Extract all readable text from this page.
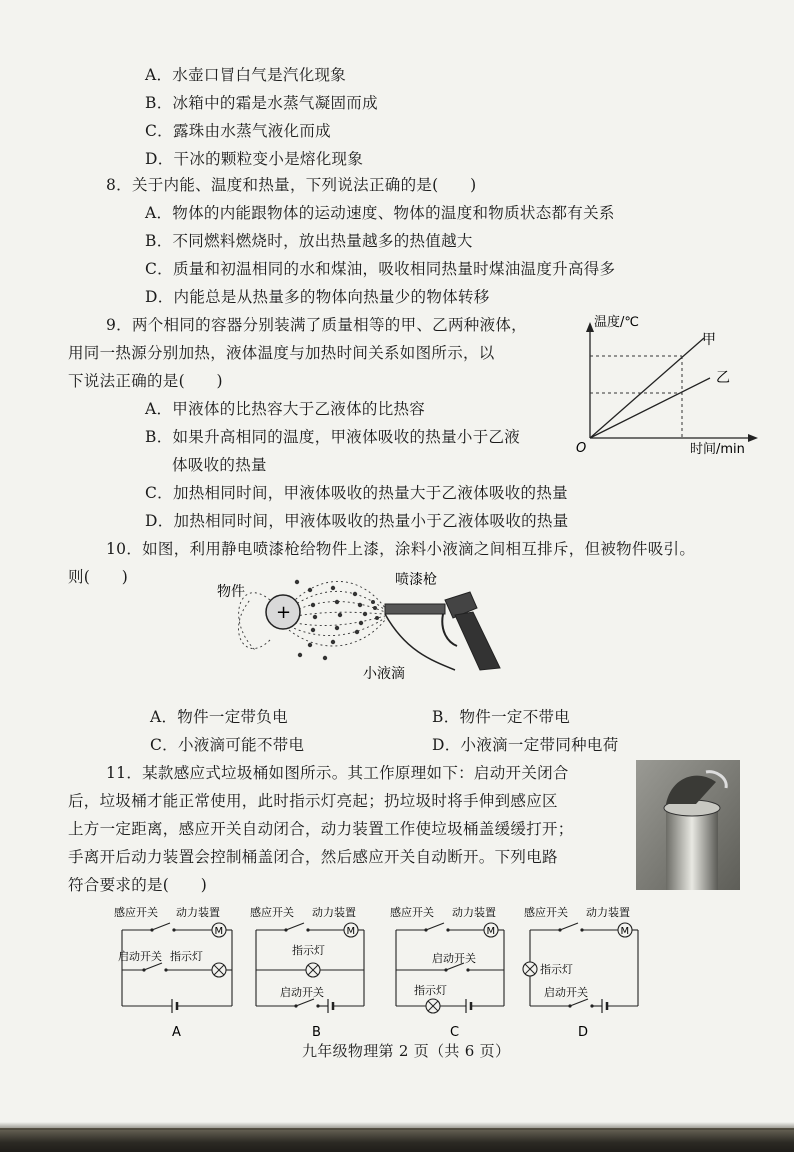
A．水壶口冒白气是汽化现象
B．冰箱中的霜是水蒸气凝固而成
C．露珠由水蒸气液化而成
D．干冰的颗粒变小是熔化现象
8．关于内能、温度和热量，下列说法正确的是(　　)
A．物体的内能跟物体的运动速度、物体的温度和物质状态都有关系
B．不同燃料燃烧时，放出热量越多的热值越大
C．质量和初温相同的水和煤油，吸收相同热量时煤油温度升高得多
D．内能总是从热量多的物体向热量少的物体转移
9．两个相同的容器分别装满了质量相等的甲、乙两种液体，
用同一热源分别加热，液体温度与加热时间关系如图所示，以
下说法正确的是(　　)
A．甲液体的比热容大于乙液体的比热容
B．如果升高相同的温度，甲液体吸收的热量小于乙液
体吸收的热量
C．加热相同时间，甲液体吸收的热量大于乙液体吸收的热量
D．加热相同时间，甲液体吸收的热量小于乙液体吸收的热量
温度/℃
时间/min
O
甲
乙
10．如图，利用静电喷漆枪给物件上漆，涂料小液滴之间相互排斥，但被物件吸引。
则(　　)
+
物件
喷漆枪
小液滴
A．物件一定带负电	B．物件一定不带电
C．小液滴可能不带电	D．小液滴一定带同种电荷
11．某款感应式垃圾桶如图所示。其工作原理如下：启动开关闭合
后，垃圾桶才能正常使用，此时指示灯亮起；扔垃圾时将手伸到感应区
上方一定距离，感应开关自动闭合，动力装置工作使垃圾桶盖缓缓打开；
手离开后动力装置会控制桶盖闭合，然后感应开关自动断开。下列电路
符合要求的是(　　)
感应开关 动力装置
M
启动开关 指示灯
A
感应开关 动力装置
M
指示灯
启动开关
B
感应开关 动力装置
M
启动开关
指示灯
C
感应开关 动力装置
M
指示灯
启动开关
D
九年级物理第 2 页（共 6 页）
